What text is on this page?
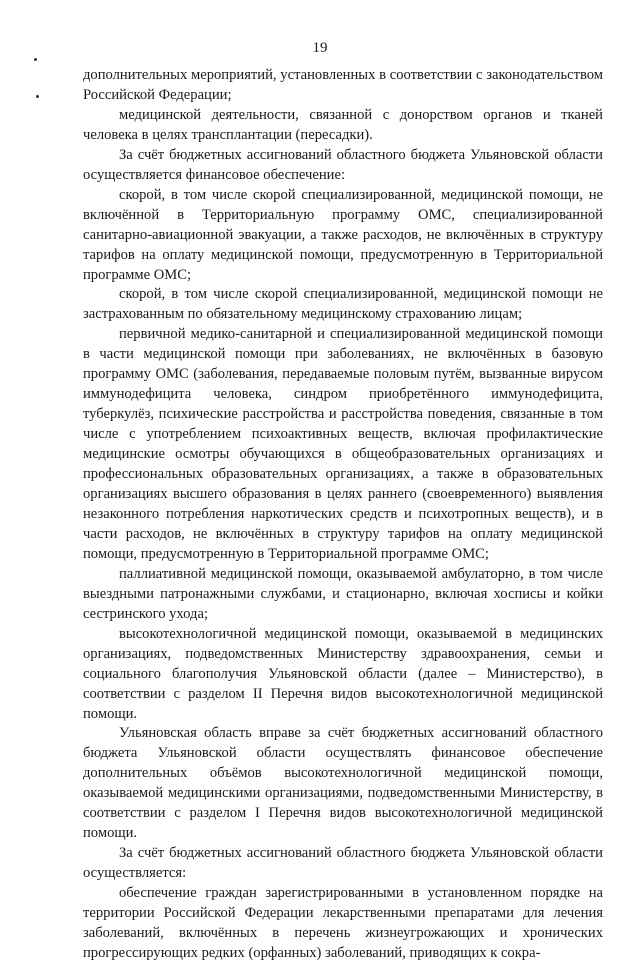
19

дополнительных мероприятий, установленных в соответствии с законодательством Российской Федерации;

медицинской деятельности, связанной с донорством органов и тканей человека в целях трансплантации (пересадки).

За счёт бюджетных ассигнований областного бюджета Ульяновской области осуществляется финансовое обеспечение:

скорой, в том числе скорой специализированной, медицинской помощи, не включённой в Территориальную программу ОМС, специализированной санитарно-авиационной эвакуации, а также расходов, не включённых в структуру тарифов на оплату медицинской помощи, предусмотренную в Территориальной программе ОМС;

скорой, в том числе скорой специализированной, медицинской помощи не застрахованным по обязательному медицинскому страхованию лицам;

первичной медико-санитарной и специализированной медицинской помощи в части медицинской помощи при заболеваниях, не включённых в базовую программу ОМС (заболевания, передаваемые половым путём, вызванные вирусом иммунодефицита человека, синдром приобретённого иммунодефицита, туберкулёз, психические расстройства и расстройства поведения, связанные в том числе с употреблением психоактивных веществ, включая профилактические медицинские осмотры обучающихся в общеобразовательных организациях и профессиональных образовательных организациях, а также в образовательных организациях высшего образования в целях раннего (своевременного) выявления незаконного потребления наркотических средств и психотропных веществ), и в части расходов, не включённых в структуру тарифов на оплату медицинской помощи, предусмотренную в Территориальной программе ОМС;

паллиативной медицинской помощи, оказываемой амбулаторно, в том числе выездными патронажными службами, и стационарно, включая хосписы и койки сестринского ухода;

высокотехнологичной медицинской помощи, оказываемой в медицинских организациях, подведомственных Министерству здравоохранения, семьи и социального благополучия Ульяновской области (далее – Министерство), в соответствии с разделом II Перечня видов высокотехнологичной медицинской помощи.

Ульяновская область вправе за счёт бюджетных ассигнований областного бюджета Ульяновской области осуществлять финансовое обеспечение дополнительных объёмов высокотехнологичной медицинской помощи, оказываемой медицинскими организациями, подведомственными Министерству, в соответствии с разделом I Перечня видов высокотехнологичной медицинской помощи.

За счёт бюджетных ассигнований областного бюджета Ульяновской области осуществляется:

обеспечение граждан зарегистрированными в установленном порядке на территории Российской Федерации лекарственными препаратами для лечения заболеваний, включённых в перечень жизнеугрожающих и хронических прогрессирующих редких (орфанных) заболеваний, приводящих к сокра-
